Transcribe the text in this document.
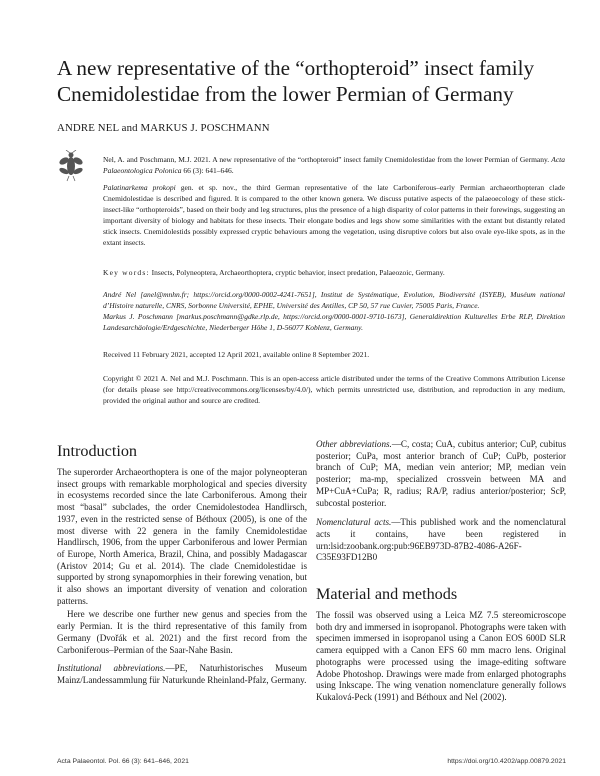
A new representative of the “orthopteroid” insect family Cnemidolestidae from the lower Permian of Germany
ANDRE NEL and MARKUS J. POSCHMANN
Nel, A. and Poschmann, M.J. 2021. A new representative of the “orthopteroid” insect family Cnemidolestidae from the lower Permian of Germany. Acta Palaeontologica Polonica 66 (3): 641–646.
Palatinarkema prokopi gen. et sp. nov., the third German representative of the late Carboniferous–early Permian archaeorthopteran clade Cnemidolestidae is described and figured. It is compared to the other known genera. We discuss putative aspects of the palaeoecology of these stick-insect-like “orthopteroids”, based on their body and leg structures, plus the presence of a high disparity of color patterns in their forewings, suggesting an important diversity of biology and habitats for these insects. Their elongate bodies and legs show some similarities with the extant but distantly related stick insects. Cnemidolestids possibly expressed cryptic behaviours among the vegetation, using disruptive colors but also ovale eye-like spots, as in the extant insects.
Key words: Insects, Polyneoptera, Archaeorthoptera, cryptic behavior, insect predation, Palaeozoic, Germany.

André Nel [anel@mnhn.fr; https://orcid.org/0000-0002-4241-7651], Institut de Systématique, Evolution, Biodiversité (ISYEB), Muséum national d’Histoire naturelle, CNRS, Sorbonne Université, EPHE, Université des Antilles, CP 50, 57 rue Cuvier, 75005 Paris, France.

Markus J. Poschmann [markus.poschmann@gdke.rlp.de, https://orcid.org/0000-0001-9710-1673], Generaldirektion Kulturelles Erbe RLP, Direktion Landesarchäologie/Erdgeschichte, Niederberger Höhe 1, D-56077 Koblenz, Germany.

Received 11 February 2021, accepted 12 April 2021, available online 8 September 2021.
Copyright © 2021 A. Nel and M.J. Poschmann. This is an open-access article distributed under the terms of the Creative Commons Attribution License (for details please see http://creativecommons.org/licenses/by/4.0/), which permits unrestricted use, distribution, and reproduction in any medium, provided the original author and source are credited.
Introduction

The superorder Archaeorthoptera is one of the major polyneopteran insect groups with remarkable morphological and species diversity in ecosystems recorded since the late Carboniferous. Among their most “basal” subclades, the order Cnemidolestodea Handlirsch, 1937, even in the restricted sense of Béthoux (2005), is one of the most diverse with 22 genera in the family Cnemidolestidae Handlirsch, 1906, from the upper Carboniferous and lower Permian of Europe, North America, Brazil, China, and possibly Madagascar (Aristov 2014; Gu et al. 2014). The clade Cnemidolestidae is supported by strong synapomorphies in their forewing venation, but it also shows an important diversity of venation and coloration patterns.

Here we describe one further new genus and species from the early Permian. It is the third representative of this family from Germany (Dvořák et al. 2021) and the first record from the Carboniferous–Permian of the Saar-Nahe Basin.

Institutional abbreviations.—PE, Naturhistorisches Museum Mainz/Landessammlung für Naturkunde Rheinland-Pfalz, Germany.

Other abbreviations.—C, costa; CuA, cubitus anterior; CuP, cubitus posterior; CuPa, most anterior branch of CuP; CuPb, posterior branch of CuP; MA, median vein anterior; MP, median vein posterior; ma-mp, specialized crossvein between MA and MP+CuA+CuPa; R, radius; RA/P, radius anterior/posterior; ScP, subcostal posterior.

Nomenclatural acts.—This published work and the nomenclatural acts it contains, have been registered in urn:lsid:zoobank.org:pub:96EB973D-87B2-4086-A26F-C35E93FD12B0

Material and methods

The fossil was observed using a Leica MZ 7.5 stereomicroscope both dry and immersed in isopropanol. Photographs were taken with specimen immersed in isopropanol using a Canon EOS 600D SLR camera equipped with a Canon EFS 60 mm macro lens. Original photographs were processed using the image-editing software Adobe Photoshop. Drawings were made from enlarged photographs using Inkscape. The wing venation nomenclature generally follows Kukalová-Peck (1991) and Béthoux and Nel (2002).

Acta Palaeontol. Pol. 66 (3): 641–646, 2021	https://doi.org/10.4202/app.00879.2021
